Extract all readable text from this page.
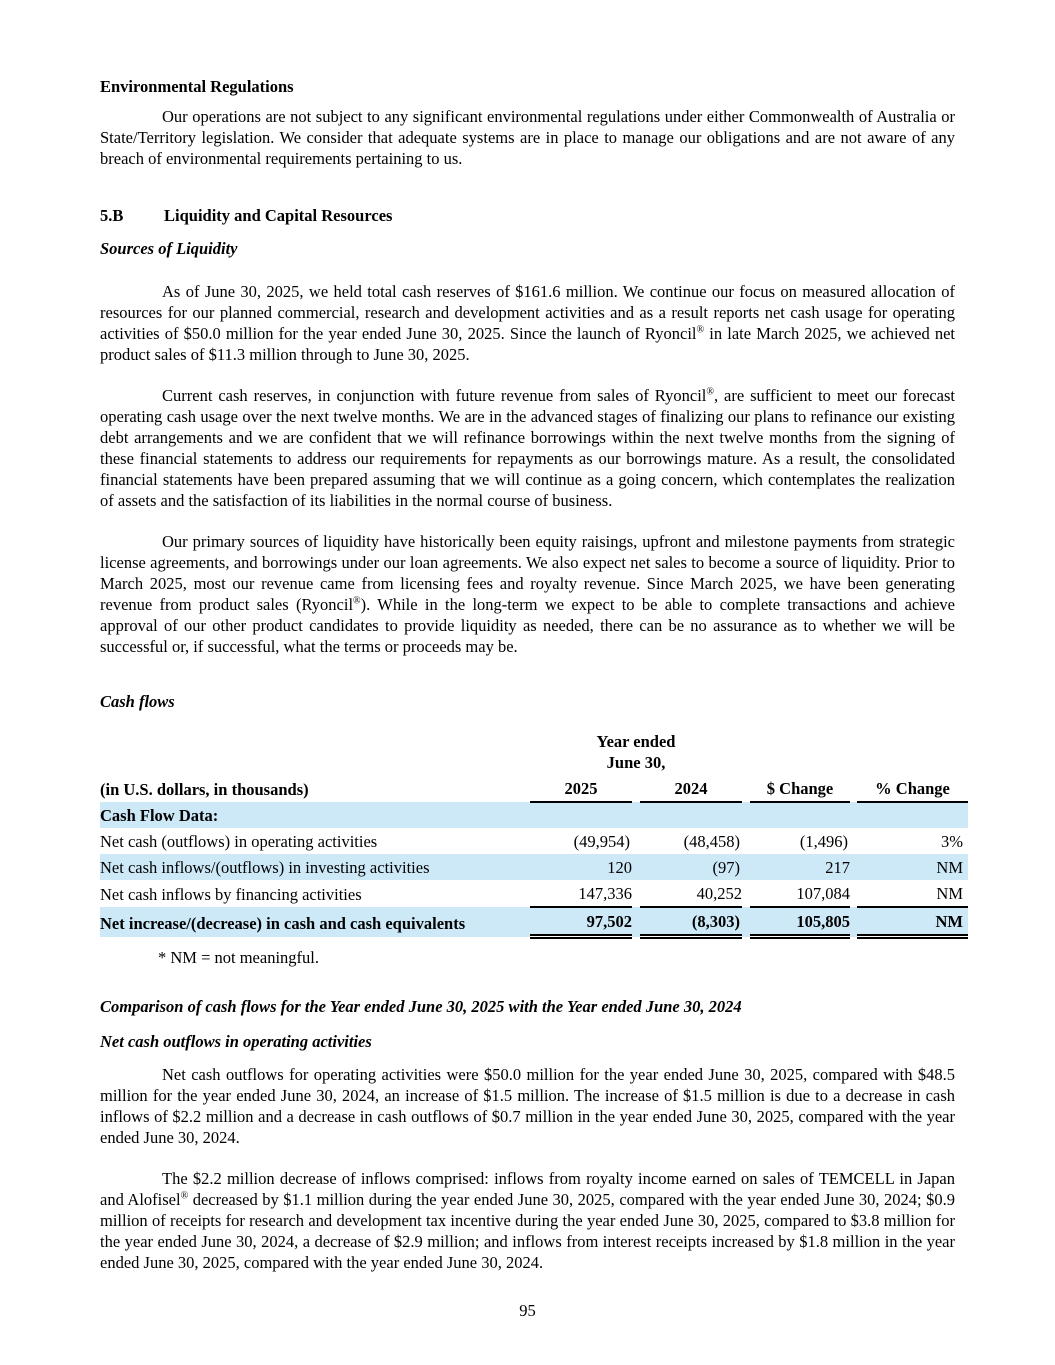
Environmental Regulations

Our operations are not subject to any significant environmental regulations under either Commonwealth of Australia or State/Territory legislation. We consider that adequate systems are in place to manage our obligations and are not aware of any breach of environmental requirements pertaining to us.

5.B Liquidity and Capital Resources
Sources of Liquidity

As of June 30, 2025, we held total cash reserves of $161.6 million. We continue our focus on measured allocation of resources for our planned commercial, research and development activities and as a result reports net cash usage for operating activities of $50.0 million for the year ended June 30, 2025. Since the launch of Ryoncil® in late March 2025, we achieved net product sales of $11.3 million through to June 30, 2025.

Current cash reserves, in conjunction with future revenue from sales of Ryoncil®, are sufficient to meet our forecast operating cash usage over the next twelve months. We are in the advanced stages of finalizing our plans to refinance our existing debt arrangements and we are confident that we will refinance borrowings within the next twelve months from the signing of these financial statements to address our requirements for repayments as our borrowings mature. As a result, the consolidated financial statements have been prepared assuming that we will continue as a going concern, which contemplates the realization of assets and the satisfaction of its liabilities in the normal course of business.

Our primary sources of liquidity have historically been equity raisings, upfront and milestone payments from strategic license agreements, and borrowings under our loan agreements. We also expect net sales to become a source of liquidity. Prior to March 2025, most our revenue came from licensing fees and royalty revenue. Since March 2025, we have been generating revenue from product sales (Ryoncil®). While in the long-term we expect to be able to complete transactions and achieve approval of our other product candidates to provide liquidity as needed, there can be no assurance as to whether we will be successful or, if successful, what the terms or proceeds may be.

Cash flows

	Year ended
June 30,						

(in U.S. dollars, in thousands)	2025		2024		$ Change		% Change
Cash Flow Data:							
Net cash (outflows) in operating activities	(49,954)		(48,458)		(1,496)		3%
Net cash inflows/(outflows) in investing activities	120		(97)		217		NM
Net cash inflows by financing activities	147,336		40,252		107,084		NM
Net increase/(decrease) in cash and cash equivalents	97,502		(8,303)		105,805		NM
* NM = not meaningful.
Comparison of cash flows for the Year ended June 30, 2025 with the Year ended June 30, 2024
Net cash outflows in operating activities

Net cash outflows for operating activities were $50.0 million for the year ended June 30, 2025, compared with $48.5 million for the year ended June 30, 2024, an increase of $1.5 million. The increase of $1.5 million is due to a decrease in cash inflows of $2.2 million and a decrease in cash outflows of $0.7 million in the year ended June 30, 2025, compared with the year ended June 30, 2024.

The $2.2 million decrease of inflows comprised: inflows from royalty income earned on sales of TEMCELL in Japan and Alofisel® decreased by $1.1 million during the year ended June 30, 2025, compared with the year ended June 30, 2024; $0.9 million of receipts for research and development tax incentive during the year ended June 30, 2025, compared to $3.8 million for the year ended June 30, 2024, a decrease of $2.9 million; and inflows from interest receipts increased by $1.8 million in the year ended June 30, 2025, compared with the year ended June 30, 2024.

95
